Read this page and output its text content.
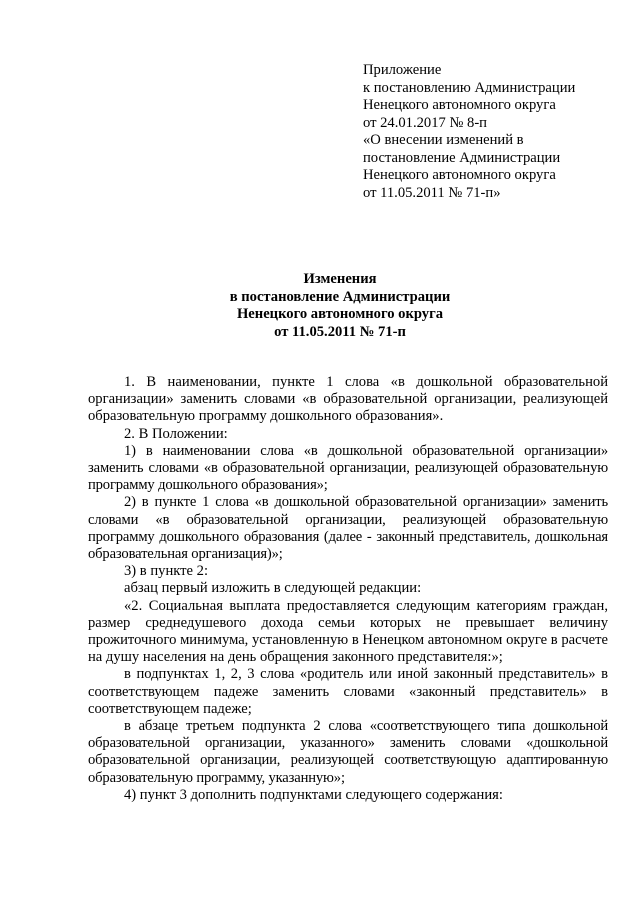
Приложение
к постановлению Администрации
Ненецкого автономного округа
от 24.01.2017 № 8-п
«О внесении изменений в
постановление Администрации
Ненецкого автономного округа
от 11.05.2011 № 71-п»
Изменения
в постановление Администрации
Ненецкого автономного округа
от 11.05.2011 № 71-п

1. В наименовании, пункте 1 слова «в дошкольной образовательной организации» заменить словами «в образовательной организации, реализующей образовательную программу дошкольного образования».

2. В Положении:

1) в наименовании слова «в дошкольной образовательной организации» заменить словами «в образовательной организации, реализующей образовательную программу дошкольного образования»;

2) в пункте 1 слова «в дошкольной образовательной организации» заменить словами «в образовательной организации, реализующей образовательную программу дошкольного образования (далее - законный представитель, дошкольная образовательная организация)»;

3) в пункте 2:

абзац первый изложить в следующей редакции:

«2. Социальная выплата предоставляется следующим категориям граждан, размер среднедушевого дохода семьи которых не превышает величину прожиточного минимума, установленную в Ненецком автономном округе в расчете на душу населения на день обращения законного представителя:»;

в подпунктах 1, 2, 3 слова «родитель или иной законный представитель» в соответствующем падеже заменить словами «законный представитель» в соответствующем падеже;

в абзаце третьем подпункта 2 слова «соответствующего типа дошкольной образовательной организации, указанного» заменить словами «дошкольной образовательной организации, реализующей соответствующую адаптированную образовательную программу, указанную»;

4) пункт 3 дополнить подпунктами следующего содержания:
